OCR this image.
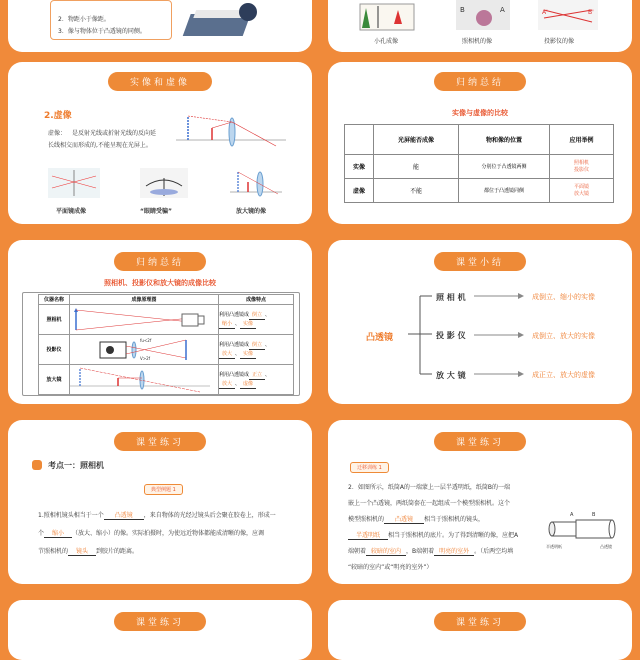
2．物距小于像距。
3．像与物体位于凸透镜的同侧。
B	A	A'	B'
小孔成像	照相机的像	投影仪的像
实像和虚像
2.虚像
虚像： 是反射光线或折射光线的反向延
长线相交而形成的,不能呈现在光屏上。
平面镜成像	“眼睛受骗”	放大镜的像
归纳总结
实像与虚像的比较
	光屏能否成像	物和像的位置	应用举例
实像	能	分别位于凸透镜两侧	照相机
投影仪
虚像	不能	都位于凸透镜同侧	平面镜
放大镜
归纳总结
照相机、投影仪和放大镜的成像比较
仪器名称	成像原理图	成像特点
照相机		利用凸透镜成 倒立 、
缩小 、 实像
投影仪	fu<2f
V>2f	利用凸透镜成 倒立 、
放大 、 实像
放大镜		利用凸透镜成 正立 、
放大 、 虚像
课堂小结
凸透镜
照 相 机
投 影 仪
放 大 镜
成倒立、缩小的实像
成倒立、放大的实像
成正立、放大的虚像
课堂练习
考点一：照相机
典型例题 1
1.照相机镜头相当于一个 凸透镜 ，来自物体的光经过镜头后会聚在胶卷上，形成一
个 缩小 （放大、缩小）的像。实际拍摄时，为使远近物体都能成清晰的像，应调
节照相机的 镜头 到胶片的距离。
课堂练习
迁移训练 1
2．如图所示，纸筒A的一端蒙上一层半透明纸，纸筒B的一端
嵌上一个凸透镜，两纸筒套在一起组成一个模型照相机。这个
模型照相机的 凸透镜 相当于照相机的镜头，
半透明纸 相当于照相机的底片。为了得到清晰的像，应把A
端朝着 较暗的室内 ，B端朝着 明亮的室外 。（后两空均填
“较暗的室内”或“明亮的室外”）
A	B
半透明纸	凸透镜
课堂练习	课堂练习
